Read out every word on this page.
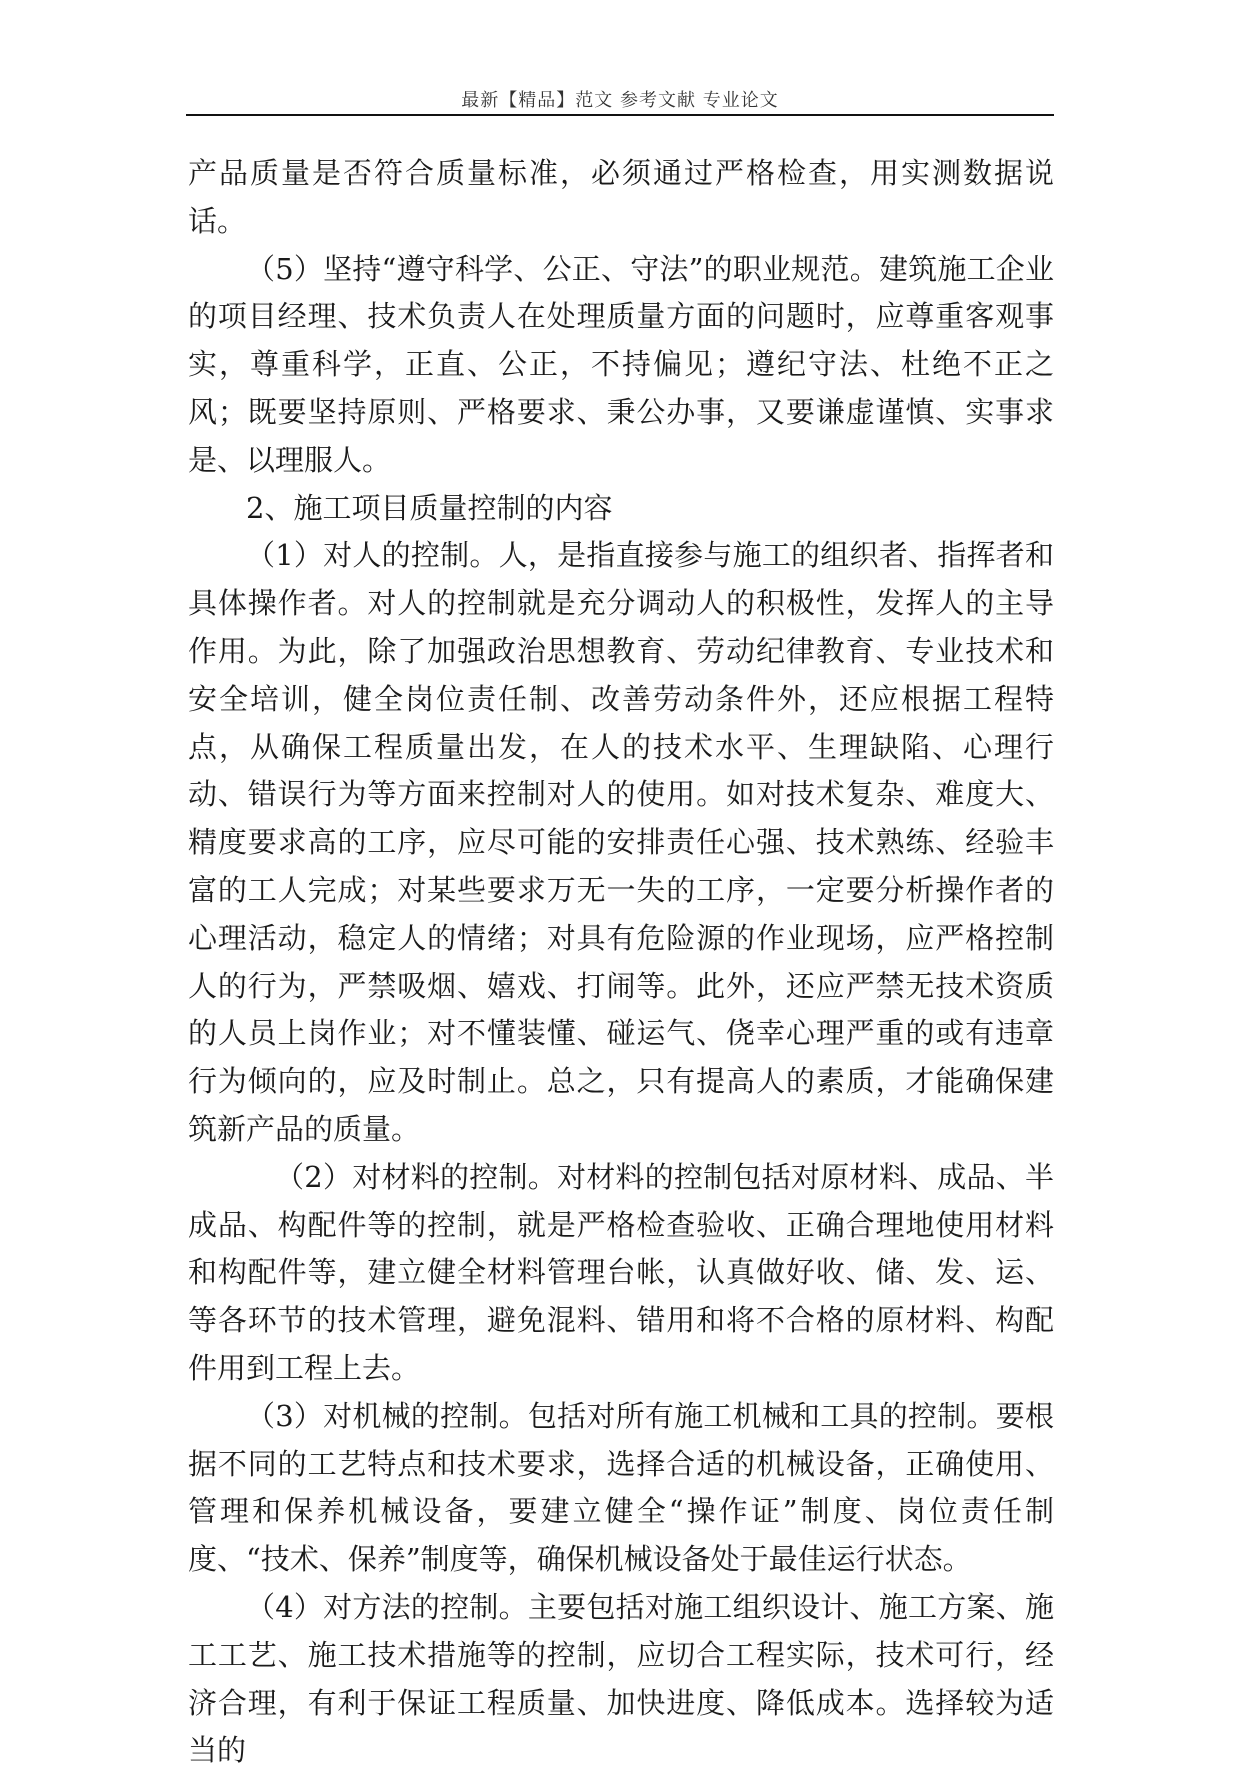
最新【精品】范文 参考文献 专业论文

产品质量是否符合质量标准，必须通过严格检查，用实测数据说话。

（5）坚持“遵守科学、公正、守法”的职业规范。建筑施工企业的项目经理、技术负责人在处理质量方面的问题时，应尊重客观事实，尊重科学，正直、公正，不持偏见；遵纪守法、杜绝不正之风；既要坚持原则、严格要求、秉公办事，又要谦虚谨慎、实事求是、以理服人。

2、施工项目质量控制的内容

（1）对人的控制。人，是指直接参与施工的组织者、指挥者和具体操作者。对人的控制就是充分调动人的积极性，发挥人的主导作用。为此，除了加强政治思想教育、劳动纪律教育、专业技术和安全培训，健全岗位责任制、改善劳动条件外，还应根据工程特点，从确保工程质量出发，在人的技术水平、生理缺陷、心理行动、错误行为等方面来控制对人的使用。如对技术复杂、难度大、精度要求高的工序，应尽可能的安排责任心强、技术熟练、经验丰富的工人完成；对某些要求万无一失的工序，一定要分析操作者的心理活动，稳定人的情绪；对具有危险源的作业现场，应严格控制人的行为，严禁吸烟、嬉戏、打闹等。此外，还应严禁无技术资质的人员上岗作业；对不懂装懂、碰运气、侥幸心理严重的或有违章行为倾向的，应及时制止。总之，只有提高人的素质，才能确保建筑新产品的质量。

（2）对材料的控制。对材料的控制包括对原材料、成品、半成品、构配件等的控制，就是严格检查验收、正确合理地使用材料和构配件等，建立健全材料管理台帐，认真做好收、储、发、运、等各环节的技术管理，避免混料、错用和将不合格的原材料、构配件用到工程上去。

（3）对机械的控制。包括对所有施工机械和工具的控制。要根据不同的工艺特点和技术要求，选择合适的机械设备，正确使用、管理和保养机械设备，要建立健全“操作证”制度、岗位责任制度、“技术、保养”制度等，确保机械设备处于最佳运行状态。

（4）对方法的控制。主要包括对施工组织设计、施工方案、施工工艺、施工技术措施等的控制，应切合工程实际，技术可行，经济合理，有利于保证工程质量、加快进度、降低成本。选择较为适当的
